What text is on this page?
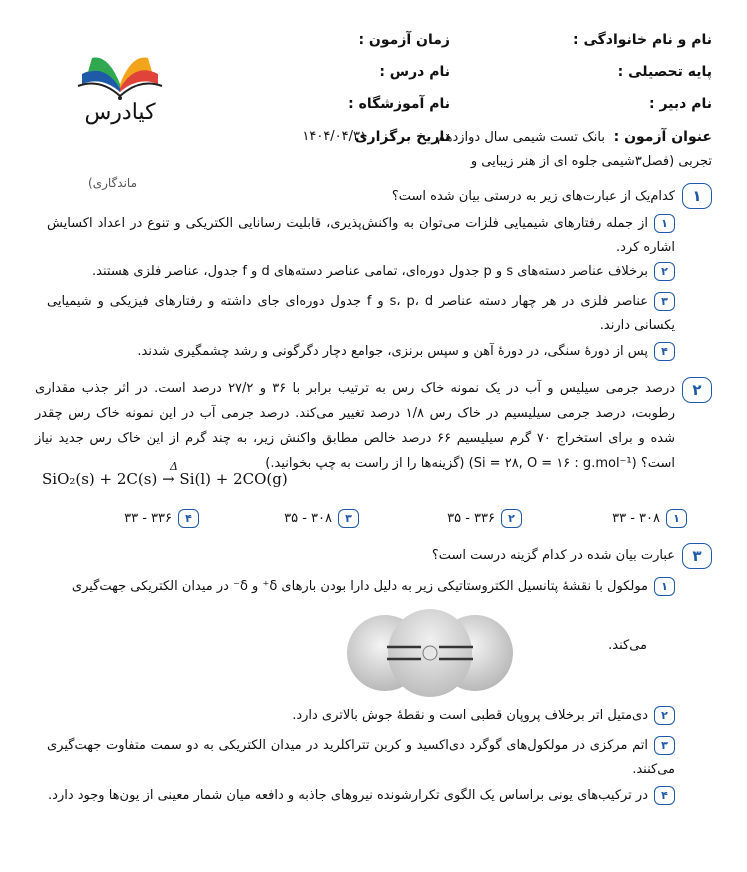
نام و نام خانوادگی :
زمان آزمون :
پایه تحصیلی :
نام درس :
نام دبیر :
نام آموزشگاه :
عنوان آزمون :
بانک تست شیمی سال دوازدهم
تاریخ برگزاری
۱۴۰۴/۰۴/۳۱
تجربی (فصل۳شیمی جلوه ای از هنر زیبایی و
ماندگاری)
کیادرس
۱
کدام‌یک از عبارت‌های زیر به درستی بیان شده است؟
۱از جمله رفتارهای شیمیایی فلزات می‌توان به واکنش‌پذیری، قابلیت رسانایی الکتریکی و تنوع در اعداد اکسایش اشاره کرد.
۲برخلاف عناصر دسته‌های s و p جدول دوره‌ای، تمامی عناصر دسته‌های d و f جدول، عناصر فلزی هستند.
۳عناصر فلزی در هر چهار دسته عناصر s، p، d و f جدول دوره‌ای جای داشته و رفتارهای فیزیکی و شیمیایی یکسانی دارند.
۴پس از دورهٔ سنگی، در دورهٔ آهن و سپس برنزی، جوامع دچار دگرگونی و رشد چشمگیری شدند.
۲
درصد جرمی سیلیس و آب در یک نمونه خاک رس به ترتیب برابر با ۳۶ و ۲۷/۲ درصد است. در اثر جذب مقداری رطوبت، درصد جرمی سیلیسیم در خاک رس ۱/۸ درصد تغییر می‌کند. درصد جرمی آب در این نمونه خاک رس چقدر شده و برای استخراج ۷۰ گرم سیلیسیم ۶۶ درصد خالص مطابق واکنش زیر، به چند گرم از این خاک رس جدید نیاز است؟ (Si = ۲۸, O = ۱۶ : g.mol⁻¹) (گزینه‌ها را از راست به چپ بخوانید.)
Δ
SiO₂(s) + 2C(s) → Si(l) + 2CO(g)
۱۳۰۸ - ۳۳
۲۳۳۶ - ۳۵
۳۳۰۸ - ۳۵
۴۳۳۶ - ۳۳
۳
عبارت بیان شده در کدام گزینه درست است؟
۱مولکول با نقشهٔ پتانسیل الکتروستاتیکی زیر به دلیل دارا بودن بارهای δ⁺ و δ⁻ در میدان الکتریکی جهت‌گیری
می‌کند.
۲دی‌متیل اتر برخلاف پروپان قطبی است و نقطهٔ جوش بالاتری دارد.
۳اتم مرکزی در مولکول‌های گوگرد دی‌اکسید و کربن تتراکلرید در میدان الکتریکی به دو سمت متفاوت جهت‌گیری می‌کنند.
۴در ترکیب‌های یونی براساس یک الگوی تکرارشونده نیروهای جاذبه و دافعه میان شمار معینی از یون‌ها وجود دارد.
